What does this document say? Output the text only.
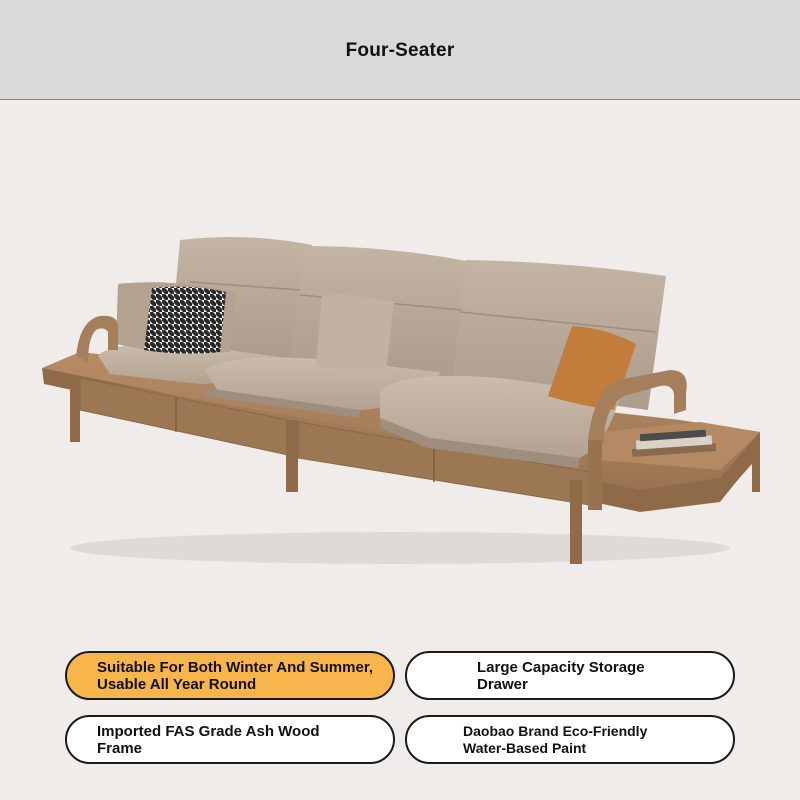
Four-Seater
Suitable For Both Winter And Summer, Usable All Year Round
Large Capacity Storage Drawer
Imported FAS Grade Ash Wood Frame
Daobao Brand Eco-Friendly Water-Based Paint
